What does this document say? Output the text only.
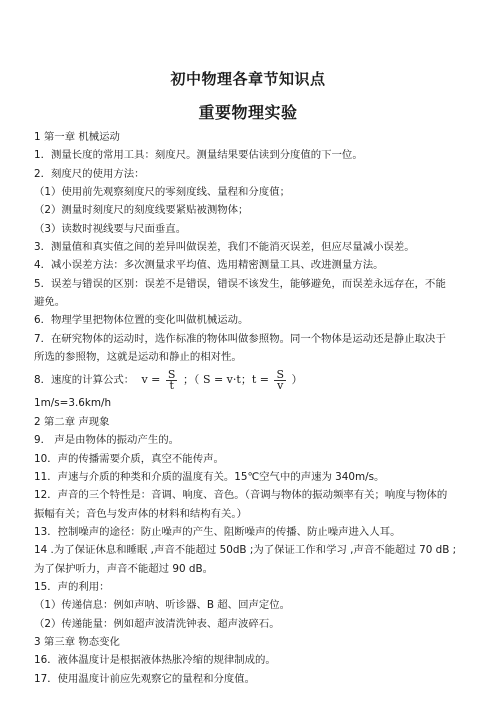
初中物理各章节知识点
重要物理实验
1 第一章 机械运动
1．测量长度的常用工具：刻度尺。测量结果要估读到分度值的下一位。
2．刻度尺的使用方法：
（1）使用前先观察刻度尺的零刻度线、量程和分度值；
（2）测量时刻度尺的刻度线要紧贴被测物体；
（3）读数时视线要与尺面垂直。
3．测量值和真实值之间的差异叫做误差，我们不能消灭误差，但应尽量减小误差。
4．减小误差方法：多次测量求平均值、选用精密测量工具、改进测量方法。
5．误差与错误的区别：误差不是错误，错误不该发生，能够避免，而误差永远存在，不能
避免。
6．物理学里把物体位置的变化叫做机械运动。
7．在研究物体的运动时，选作标准的物体叫做参照物。同一个物体是运动还是静止取决于
所选的参照物，这就是运动和静止的相对性。
8．速度的计算公式： $v = \frac{S}{t}$ ；（ S = v·t；$t = \frac{S}{v}$ ）
1m/s=3.6km/h
2 第二章 声现象
9． 声是由物体的振动产生的。
10．声的传播需要介质，真空不能传声。
11．声速与介质的种类和介质的温度有关。15℃空气中的声速为 340m/s。
12．声音的三个特性是：音调、响度、音色。（音调与物体的振动频率有关；响度与物体的
振幅有关；音色与发声体的材料和结构有关。）
13．控制噪声的途径：防止噪声的产生、阻断噪声的传播、防止噪声进入人耳。
14 .为了保证休息和睡眠 ,声音不能超过 50dB ;为了保证工作和学习 ,声音不能超过 70 dB ;
为了保护听力，声音不能超过 90 dB。
15．声的利用：
（1）传递信息：例如声呐、听诊器、B 超、回声定位。
（2）传递能量：例如超声波清洗钟表、超声波碎石。
3 第三章 物态变化
16．液体温度计是根据液体热胀冷缩的规律制成的。
17．使用温度计前应先观察它的量程和分度值。
